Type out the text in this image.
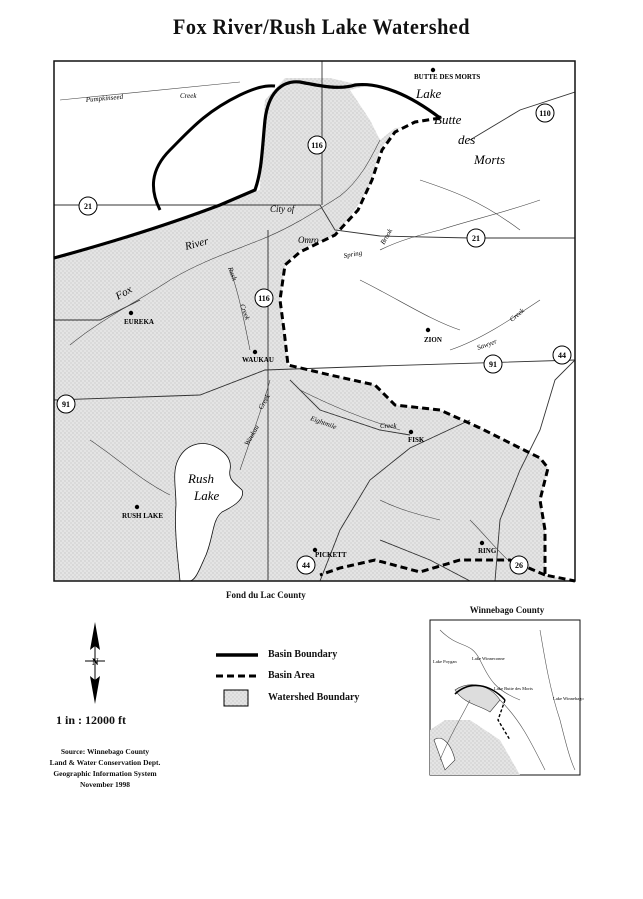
Fox River/Rush Lake Watershed
BUTTE DES MORTS
EUREKA
ZION
WAUKAU
FISK
RUSH LAKE
PICKETT	RING
City of
Omro
Lake
Butte
des
Morts
Rush
Lake
Fox
River
Pumpkinseed	Creek
Spring
Brook
Sawyer
Creek
Eightmile	Creek
Waukau
Creek
Rush
Creek
110
116
21
21
116
91
91
44
44	26
N	Lake Poygan
Lake Winneconne
Lake Butte des Morts
Lake Winnebago
Fond du Lac County
Basin Boundary
Basin Area
Watershed Boundary
1 in : 12000 ft
Source: Winnebago County
Land & Water Conservation Dept.
Geographic Information System
November 1998
Winnebago County
